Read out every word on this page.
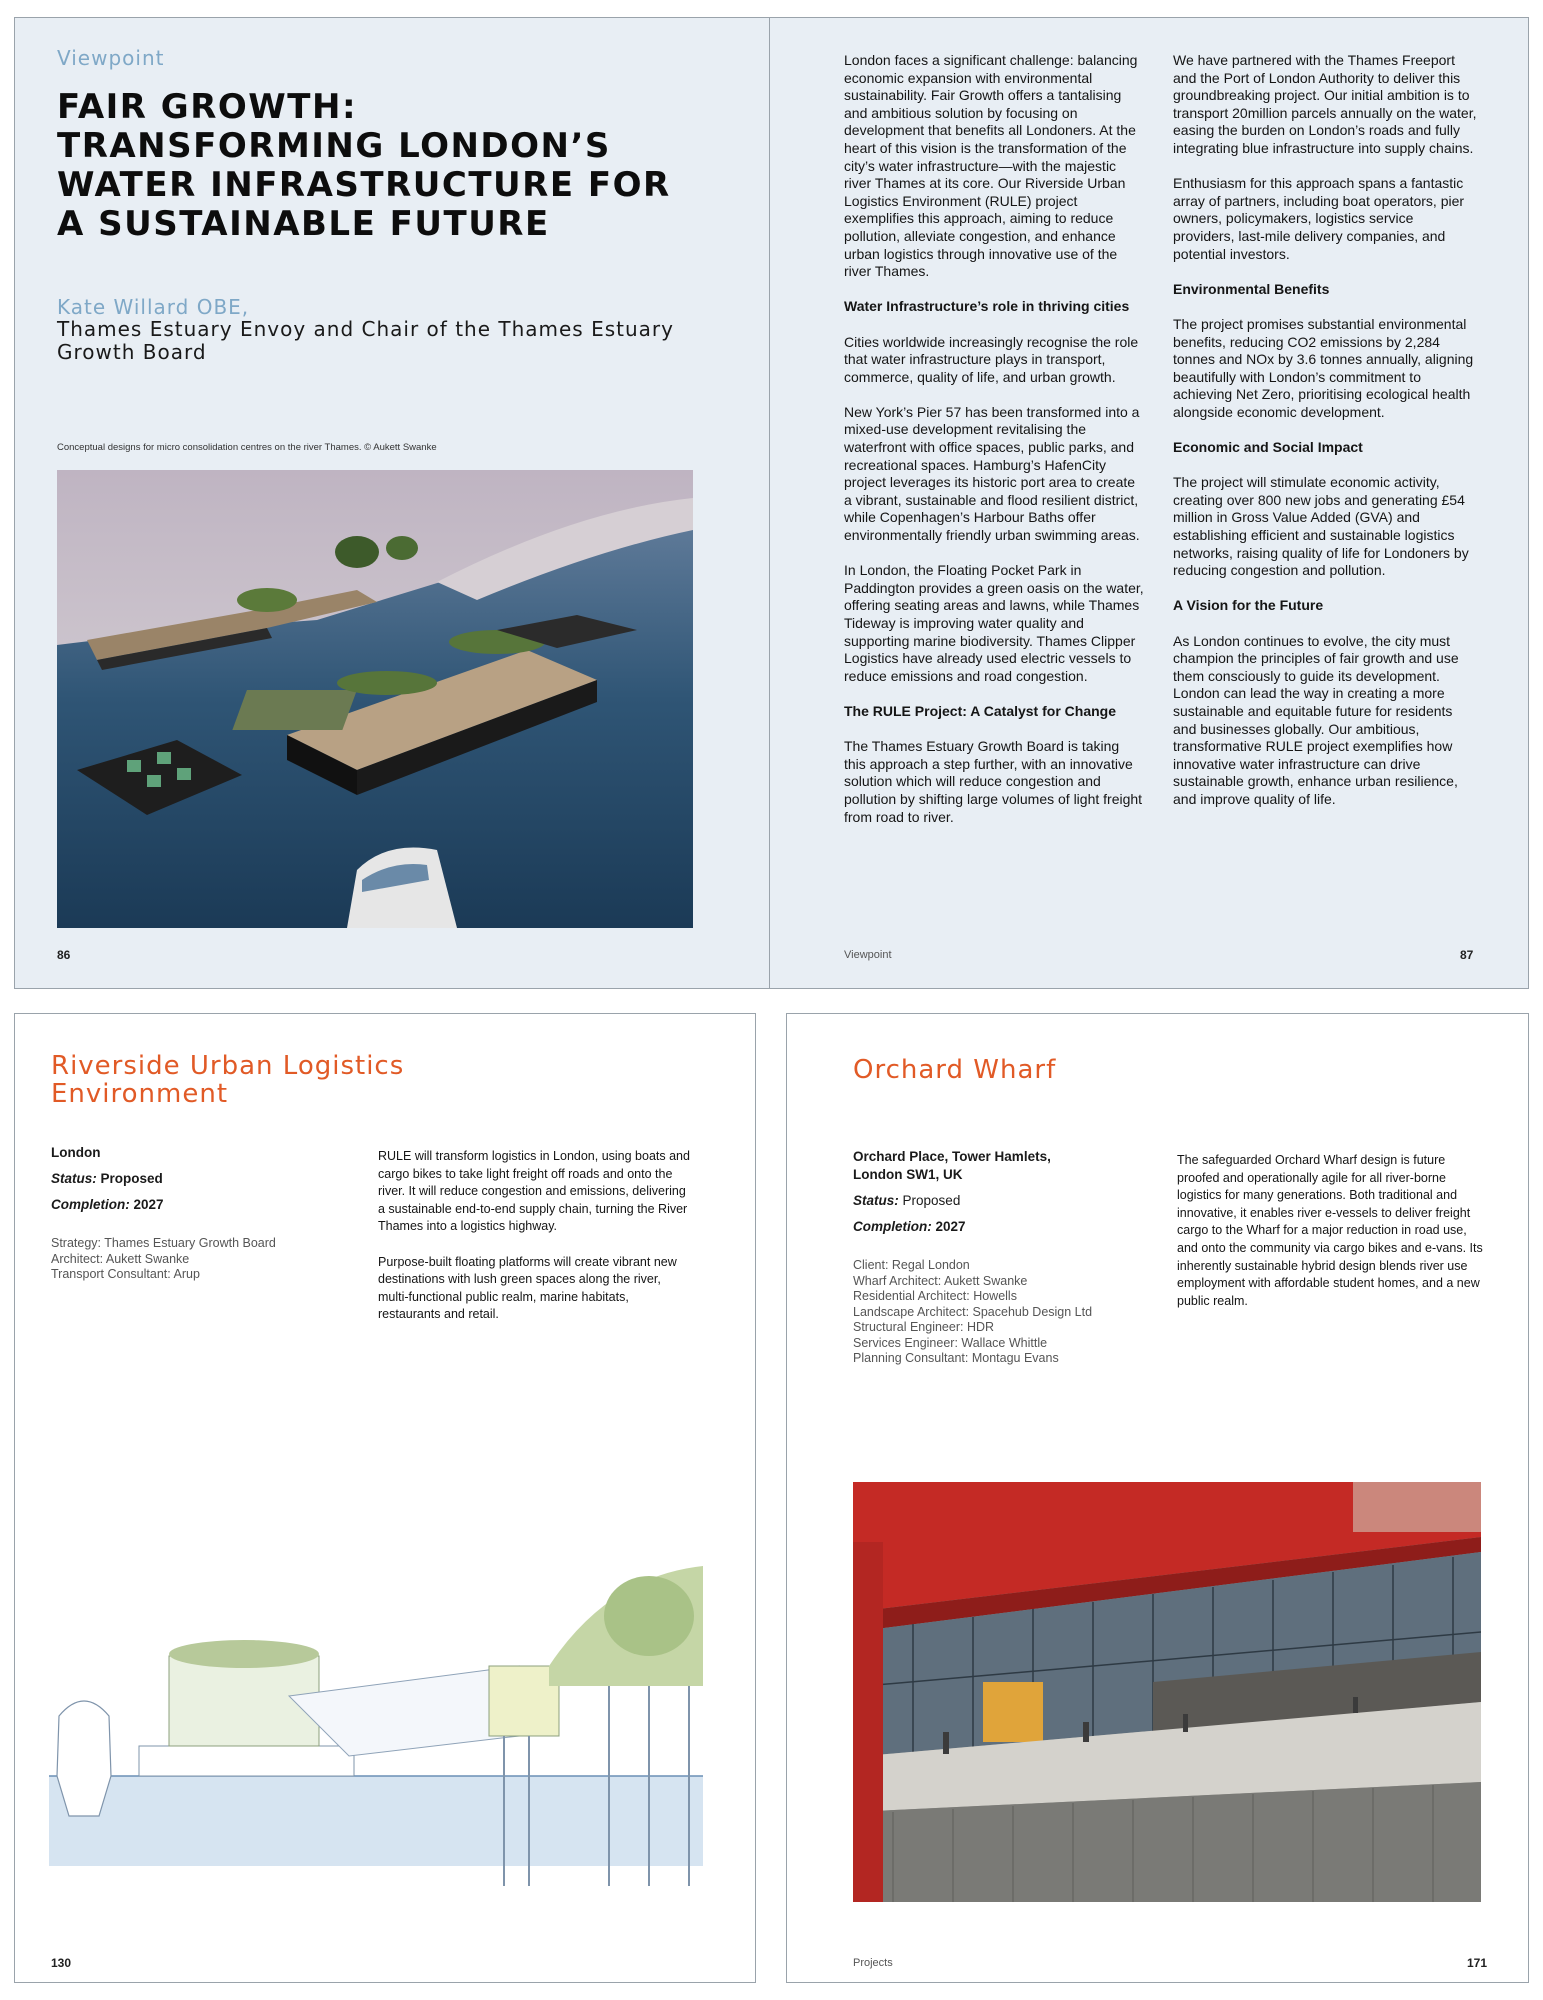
Viewpoint
FAIR GROWTH: TRANSFORMING LONDON’S WATER INFRASTRUCTURE FOR A SUSTAINABLE FUTURE
Kate Willard OBE,
Thames Estuary Envoy and Chair of the Thames Estuary Growth Board
Conceptual designs for micro consolidation centres on the river Thames. © Aukett Swanke
86

London faces a significant challenge: balancing economic expansion with environmental sustainability. Fair Growth offers a tantalising and ambitious solution by focusing on development that benefits all Londoners. At the heart of this vision is the transformation of the city’s water infrastructure—with the majestic river Thames at its core. Our Riverside Urban Logistics Environment (RULE) project exemplifies this approach, aiming to reduce pollution, alleviate congestion, and enhance urban logistics through innovative use of the river Thames.

Water Infrastructure’s role in thriving cities

Cities worldwide increasingly recognise the role that water infrastructure plays in transport, commerce, quality of life, and urban growth.

New York’s Pier 57 has been transformed into a mixed-use development revitalising the waterfront with office spaces, public parks, and recreational spaces. Hamburg’s HafenCity project leverages its historic port area to create a vibrant, sustainable and flood resilient district, while Copenhagen’s Harbour Baths offer environmentally friendly urban swimming areas.

In London, the Floating Pocket Park in Paddington provides a green oasis on the water, offering seating areas and lawns, while Thames Tideway is improving water quality and supporting marine biodiversity. Thames Clipper Logistics have already used electric vessels to reduce emissions and road congestion.

The RULE Project: A Catalyst for Change

The Thames Estuary Growth Board is taking this approach a step further, with an innovative solution which will reduce congestion and pollution by shifting large volumes of light freight from road to river.

We have partnered with the Thames Freeport and the Port of London Authority to deliver this groundbreaking project. Our initial ambition is to transport 20million parcels annually on the water, easing the burden on London’s roads and fully integrating blue infrastructure into supply chains.

Enthusiasm for this approach spans a fantastic array of partners, including boat operators, pier owners, policymakers, logistics service providers, last-mile delivery companies, and potential investors.

Environmental Benefits

The project promises substantial environmental benefits, reducing CO2 emissions by 2,284 tonnes and NOx by 3.6 tonnes annually, aligning beautifully with London’s commitment to achieving Net Zero, prioritising ecological health alongside economic development.

Economic and Social Impact

The project will stimulate economic activity, creating over 800 new jobs and generating £54 million in Gross Value Added (GVA) and establishing efficient and sustainable logistics networks, raising quality of life for Londoners by reducing congestion and pollution.

A Vision for the Future

As London continues to evolve, the city must champion the principles of fair growth and use them consciously to guide its development. London can lead the way in creating a more sustainable and equitable future for residents and businesses globally. Our ambitious, transformative RULE project exemplifies how innovative water infrastructure can drive sustainable growth, enhance urban resilience, and improve quality of life.

Viewpoint	87
Riverside Urban Logistics
Environment
London
Status: Proposed
Completion: 2027
Strategy: Thames Estuary Growth Board
Architect: Aukett Swanke
Transport Consultant: Arup

RULE will transform logistics in London, using boats and cargo bikes to take light freight off roads and onto the river. It will reduce congestion and emissions, delivering a sustainable end-to-end supply chain, turning the River Thames into a logistics highway.

Purpose-built floating platforms will create vibrant new destinations with lush green spaces along the river, multi-functional public realm, marine habitats, restaurants and retail.

130
Orchard Wharf
Orchard Place, Tower Hamlets,
London SW1, UK
Status: Proposed
Completion: 2027
Client: Regal London
Wharf Architect: Aukett Swanke
Residential Architect: Howells
Landscape Architect: Spacehub Design Ltd
Structural Engineer: HDR
Services Engineer: Wallace Whittle
Planning Consultant: Montagu Evans

The safeguarded Orchard Wharf design is future proofed and operationally agile for all river-borne logistics for many generations. Both traditional and innovative, it enables river e-vessels to deliver freight cargo to the Wharf for a major reduction in road use, and onto the community via cargo bikes and e-vans. Its inherently sustainable hybrid design blends river use employment with affordable student homes, and a new public realm.

Projects	171
